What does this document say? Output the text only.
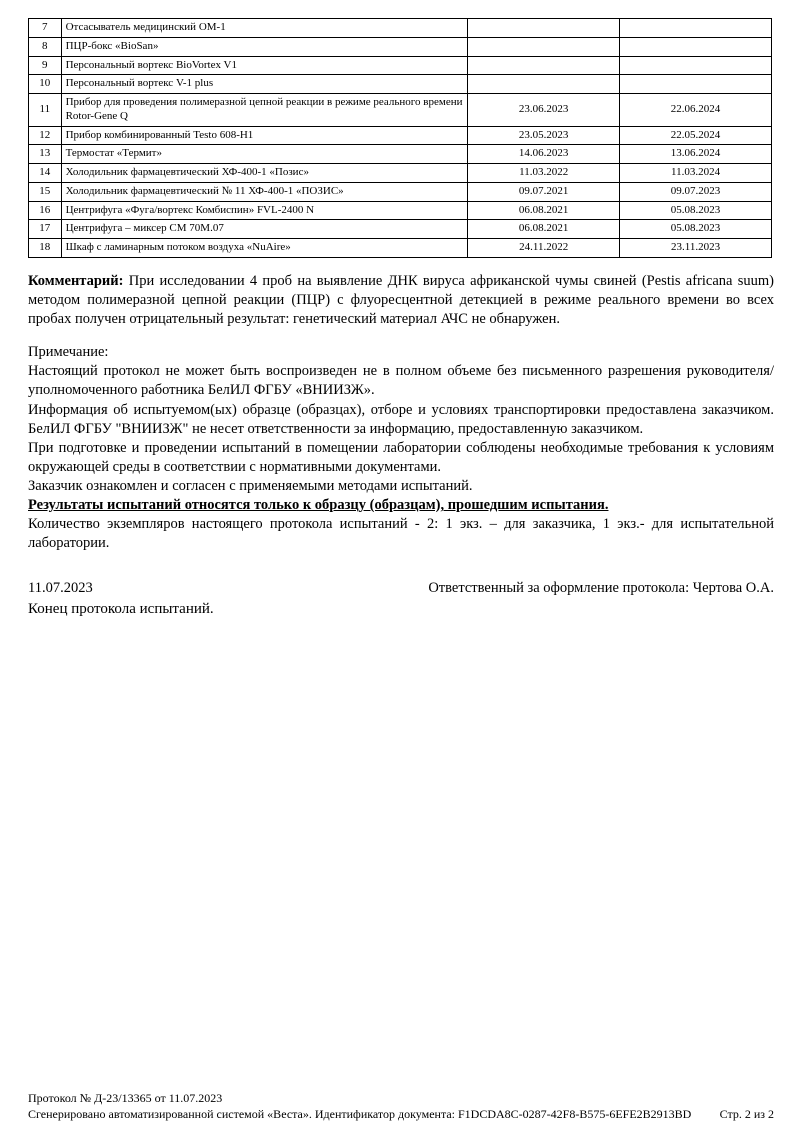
7	Отсасыватель медицинский ОМ-1		
8	ПЦР-бокс «BioSan»		
9	Персональный вортекс BioVortex V1		
10	Персональный вортекс V-1 plus		
11	Прибор для проведения полимеразной цепной реакции в режиме реального времени Rotor-Gene Q	23.06.2023	22.06.2024
12	Прибор комбинированный Testo 608-H1	23.05.2023	22.05.2024
13	Термостат «Термит»	14.06.2023	13.06.2024
14	Холодильник фармацевтический ХФ-400-1 «Позис»	11.03.2022	11.03.2024
15	Холодильник фармацевтический № 11 ХФ-400-1 «ПОЗИС»	09.07.2021	09.07.2023
16	Центрифуга «Фуга/вортекс Комбиспин» FVL-2400 N	06.08.2021	05.08.2023
17	Центрифуга – миксер СМ 70М.07	06.08.2021	05.08.2023
18	Шкаф с ламинарным потоком воздуха «NuAire»	24.11.2022	23.11.2023

Комментарий: При исследовании 4 проб на выявление ДНК вируса африканской чумы свиней (Pestis africana suum) методом полимеразной цепной реакции (ПЦР) с флуоресцентной детекцией в режиме реального времени во всех пробах получен отрицательный результат: генетический материал АЧС не обнаружен.

Примечание:

Настоящий протокол не может быть воспроизведен не в полном объеме без письменного разрешения руководителя/уполномоченного работника БелИЛ ФГБУ «ВНИИЗЖ».

Информация об испытуемом(ых) образце (образцах), отборе и условиях транспортировки предоставлена заказчиком. БелИЛ ФГБУ "ВНИИЗЖ" не несет ответственности за информацию, предоставленную заказчиком.

При подготовке и проведении испытаний в помещении лаборатории соблюдены необходимые требования к условиям окружающей среды в соответствии с нормативными документами.

Заказчик ознакомлен и согласен с применяемыми методами испытаний.

Результаты испытаний относятся только к образцу (образцам), прошедшим испытания.

Количество экземпляров настоящего протокола испытаний - 2: 1 экз. – для заказчика, 1 экз.- для испытательной лаборатории.

11.07.2023	Ответственный за оформление протокола: Чертова О.А.
Конец протокола испытаний.
Протокол № Д-23/13365 от 11.07.2023
Сгенерировано автоматизированной системой «Веста». Идентификатор документа: F1DCDA8C-0287-42F8-B575-6EFE2B2913BD Стр. 2 из 2
